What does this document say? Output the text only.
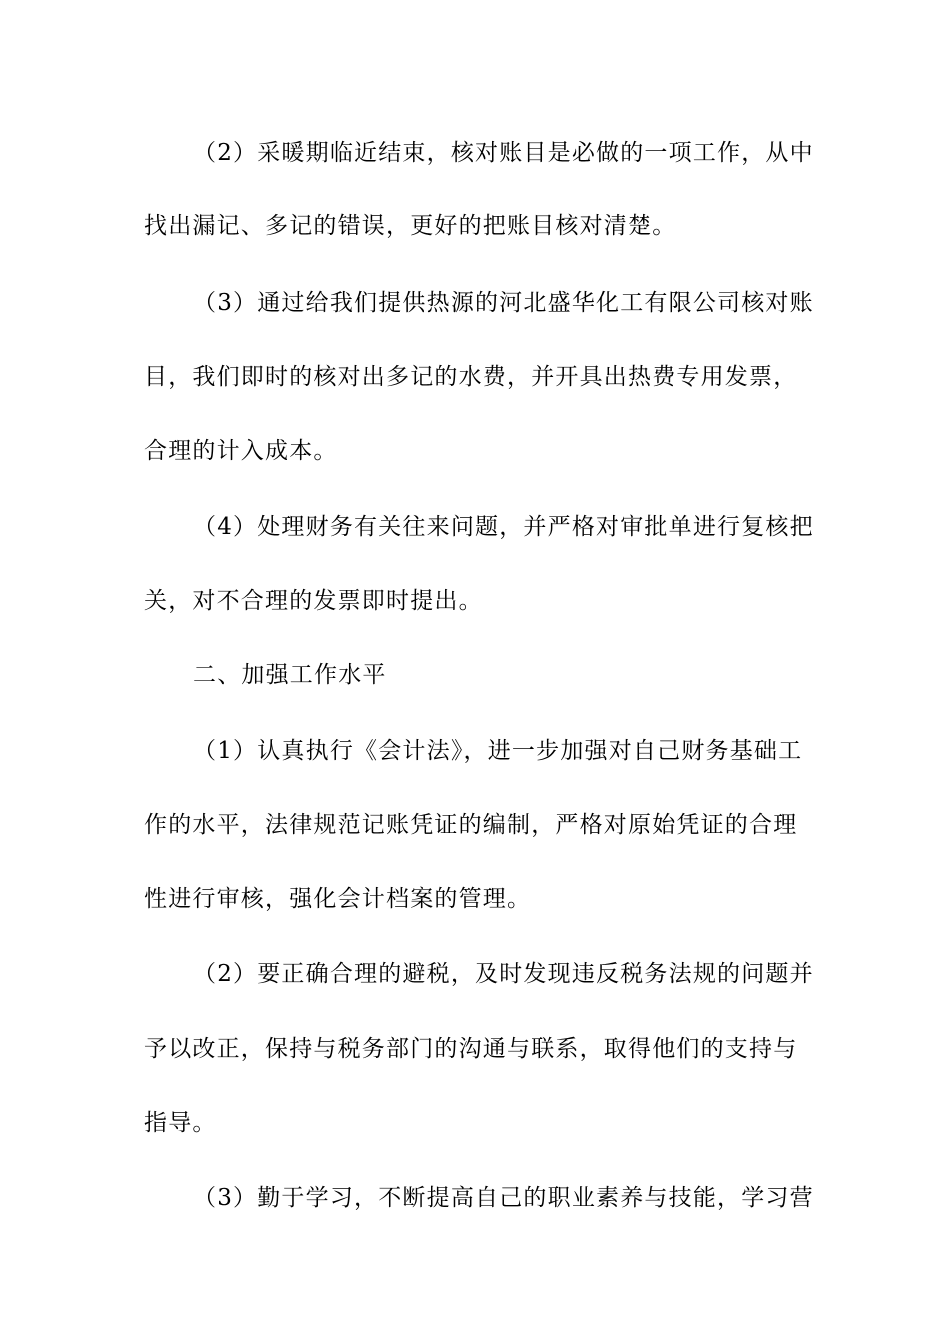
（2）采暖期临近结束，核对账目是必做的一项工作，从中
找出漏记、多记的错误，更好的把账目核对清楚。
（3）通过给我们提供热源的河北盛华化工有限公司核对账
目，我们即时的核对出多记的水费，并开具出热费专用发票，
合理的计入成本。
（4）处理财务有关往来问题，并严格对审批单进行复核把
关，对不合理的发票即时提出。
二、加强工作水平
（1）认真执行《会计法》，进一步加强对自己财务基础工
作的水平，法律规范记账凭证的编制，严格对原始凭证的合理
性进行审核，强化会计档案的管理。
（2）要正确合理的避税，及时发现违反税务法规的问题并
予以改正，保持与税务部门的沟通与联系，取得他们的支持与
指导。
（3）勤于学习，不断提高自己的职业素养与技能，学习营
